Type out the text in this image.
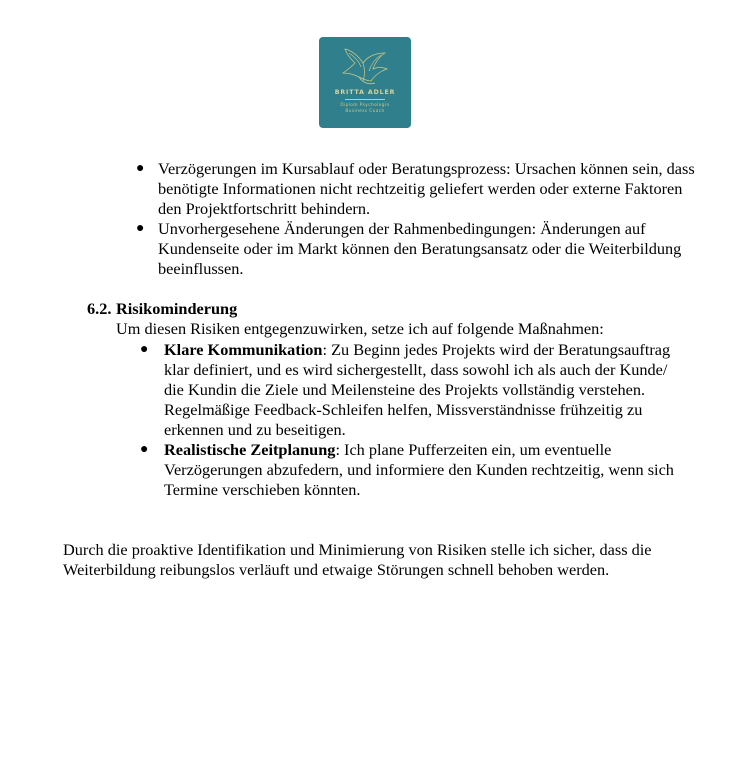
BRITTA ADLER
Diplom Psychologin
Business Coach
● Verzögerungen im Kursablauf oder Beratungsprozess: Ursachen können sein, dass benötigte Informationen nicht rechtzeitig geliefert werden oder externe Faktoren den Projektfortschritt behindern.
● Unvorhergesehene Änderungen der Rahmenbedingungen: Änderungen auf Kundenseite oder im Markt können den Beratungsansatz oder die Weiterbildung beeinflussen.
6.2. Risikominderung
Um diesen Risiken entgegenzuwirken, setze ich auf folgende Maßnahmen:
● Klare Kommunikation: Zu Beginn jedes Projekts wird der Beratungsauftrag klar definiert, und es wird sichergestellt, dass sowohl ich als auch der Kunde/ die Kundin die Ziele und Meilensteine des Projekts vollständig verstehen. Regelmäßige Feedback-Schleifen helfen, Missverständnisse frühzeitig zu erkennen und zu beseitigen.
● Realistische Zeitplanung: Ich plane Pufferzeiten ein, um eventuelle Verzögerungen abzufedern, und informiere den Kunden rechtzeitig, wenn sich Termine verschieben könnten.
Durch die proaktive Identifikation und Minimierung von Risiken stelle ich sicher, dass die Weiterbildung reibungslos verläuft und etwaige Störungen schnell behoben werden.
